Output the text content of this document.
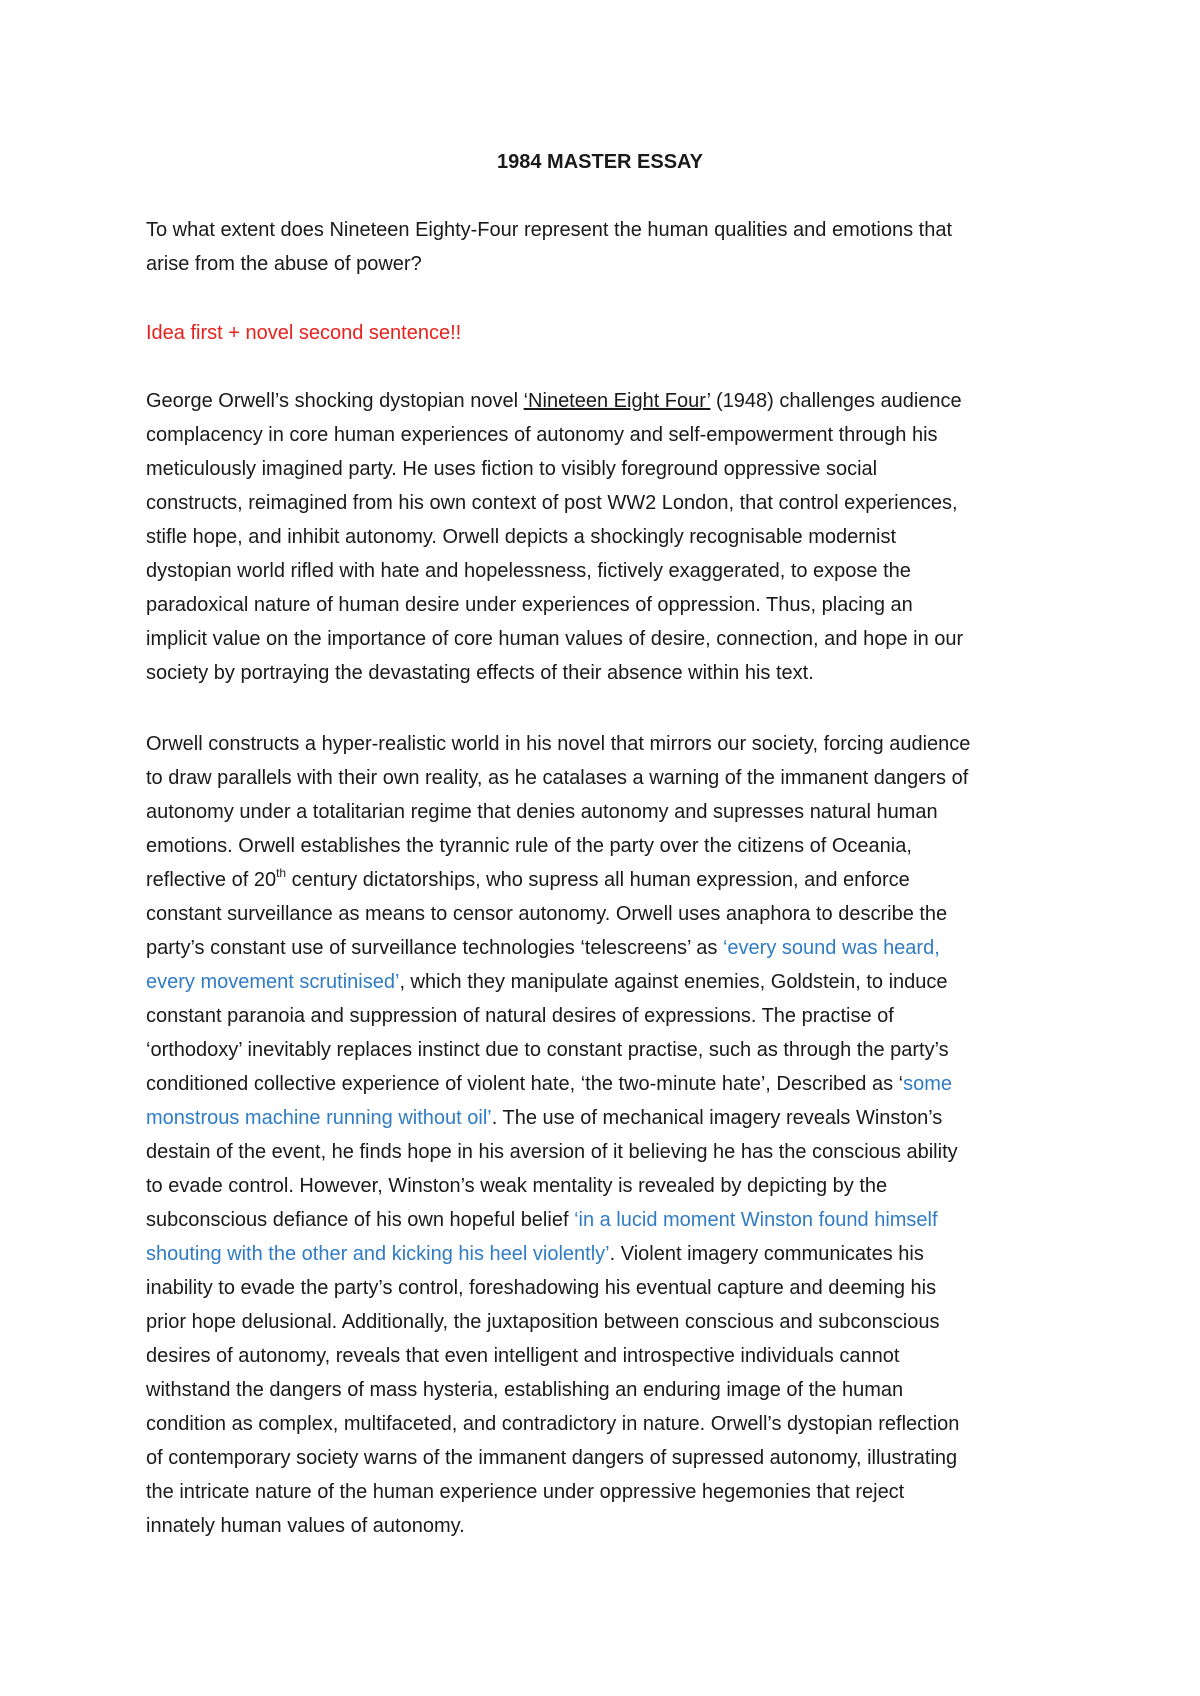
1984 MASTER ESSAY
To what extent does Nineteen Eighty-Four represent the human qualities and emotions that
arise from the abuse of power?
Idea first + novel second sentence!!
George Orwell’s shocking dystopian novel ‘Nineteen Eight Four’ (1948) challenges audience
complacency in core human experiences of autonomy and self-empowerment through his
meticulously imagined party. He uses fiction to visibly foreground oppressive social
constructs, reimagined from his own context of post WW2 London, that control experiences,
stifle hope, and inhibit autonomy. Orwell depicts a shockingly recognisable modernist
dystopian world rifled with hate and hopelessness, fictively exaggerated, to expose the
paradoxical nature of human desire under experiences of oppression. Thus, placing an
implicit value on the importance of core human values of desire, connection, and hope in our
society by portraying the devastating effects of their absence within his text.
Orwell constructs a hyper-realistic world in his novel that mirrors our society, forcing audience
to draw parallels with their own reality, as he catalases a warning of the immanent dangers of
autonomy under a totalitarian regime that denies autonomy and supresses natural human
emotions. Orwell establishes the tyrannic rule of the party over the citizens of Oceania,
reflective of 20th century dictatorships, who supress all human expression, and enforce
constant surveillance as means to censor autonomy. Orwell uses anaphora to describe the
party’s constant use of surveillance technologies ‘telescreens’ as ‘every sound was heard,
every movement scrutinised’, which they manipulate against enemies, Goldstein, to induce
constant paranoia and suppression of natural desires of expressions. The practise of
‘orthodoxy’ inevitably replaces instinct due to constant practise, such as through the party’s
conditioned collective experience of violent hate, ‘the two-minute hate’, Described as ‘some
monstrous machine running without oil’. The use of mechanical imagery reveals Winston’s
destain of the event, he finds hope in his aversion of it believing he has the conscious ability
to evade control. However, Winston’s weak mentality is revealed by depicting by the
subconscious defiance of his own hopeful belief ‘in a lucid moment Winston found himself
shouting with the other and kicking his heel violently’. Violent imagery communicates his
inability to evade the party’s control, foreshadowing his eventual capture and deeming his
prior hope delusional. Additionally, the juxtaposition between conscious and subconscious
desires of autonomy, reveals that even intelligent and introspective individuals cannot
withstand the dangers of mass hysteria, establishing an enduring image of the human
condition as complex, multifaceted, and contradictory in nature. Orwell’s dystopian reflection
of contemporary society warns of the immanent dangers of supressed autonomy, illustrating
the intricate nature of the human experience under oppressive hegemonies that reject
innately human values of autonomy.
